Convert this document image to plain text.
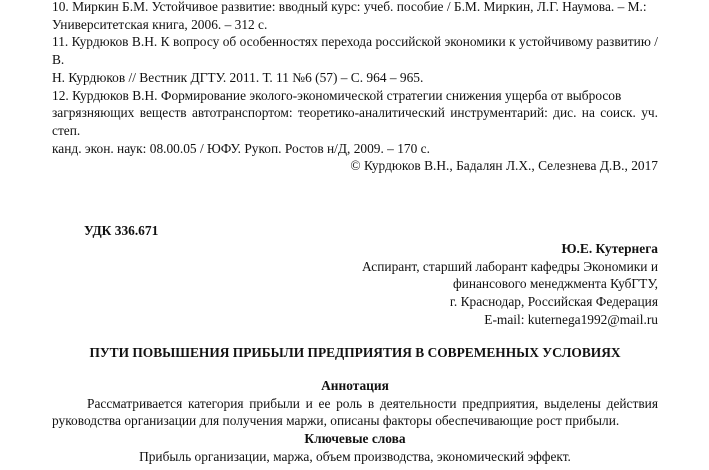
10. Миркин Б.М. Устойчивое развитие: вводный курс: учеб. пособие / Б.М. Миркин, Л.Г. Наумова. – М.:
Университетская книга, 2006. – 312 с.

11. Курдюков В.Н. К вопросу об особенностях перехода российской экономики к устойчивому развитию / В.
Н. Курдюков // Вестник ДГТУ. 2011. Т. 11 №6 (57) – С. 964 – 965.

12. Курдюков В.Н. Формирование эколого-экономической стратегии снижения ущерба от выбросов
загрязняющих веществ автотранспортом: теоретико-аналитический инструментарий: дис. на соиск. уч. степ.
канд. экон. наук: 08.00.05 / ЮФУ. Рукоп. Ростов н/Д, 2009. – 170 с.

© Курдюков В.Н., Бадалян Л.Х., Селезнева Д.В., 2017

УДК 336.671

Ю.Е. Кутернега

Аспирант, старший лаборант кафедры Экономики и

финансового менеджмента КубГТУ,

г. Краснодар, Российская Федерация

E-mail: kuternega1992@mail.ru

ПУТИ ПОВЫШЕНИЯ ПРИБЫЛИ ПРЕДПРИЯТИЯ В СОВРЕМЕННЫХ УСЛОВИЯХ

Аннотация

Рассматривается категория прибыли и ее роль в деятельности предприятия, выделены действия руководства организации для получения маржи, описаны факторы обеспечивающие рост прибыли.

Ключевые слова

Прибыль организации, маржа, объем производства, экономический эффект.
